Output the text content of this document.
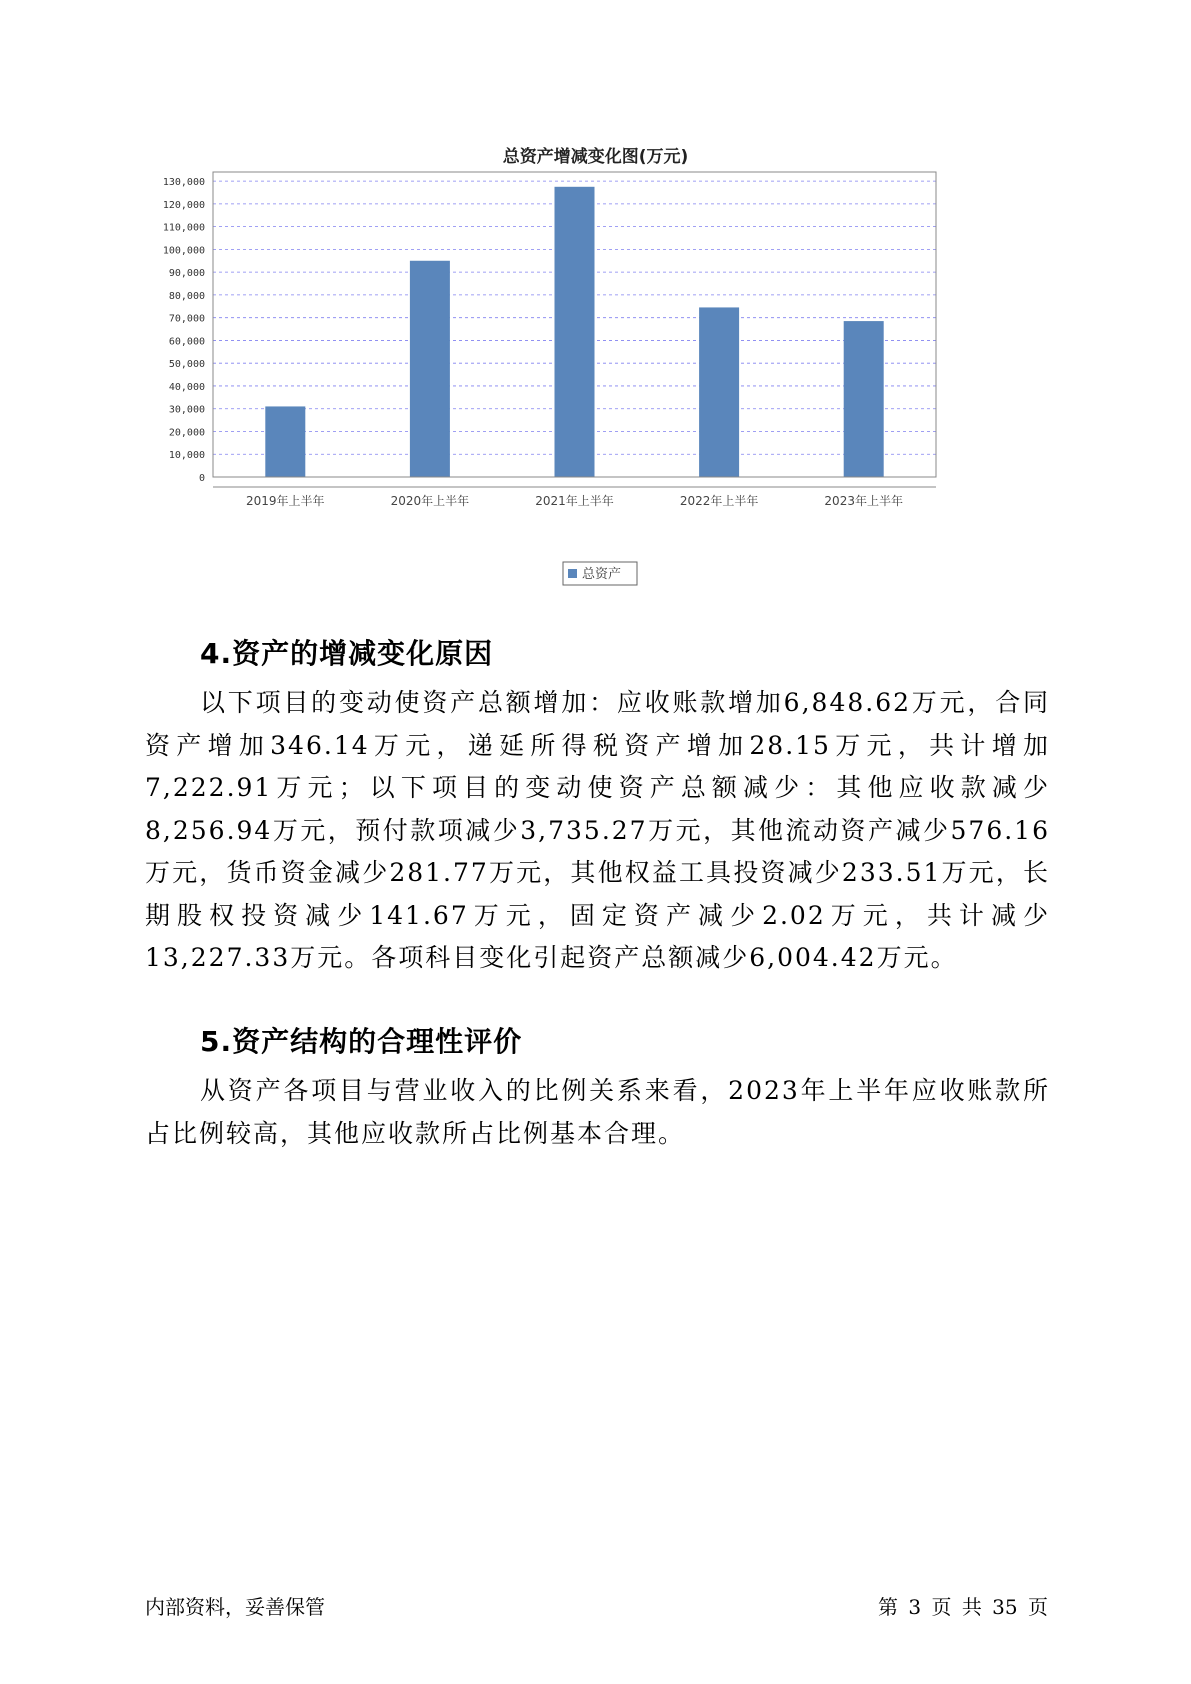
总资产增减变化图(万元)
0
10,000
20,000
30,000
40,000
50,000
60,000
70,000
80,000
90,000
100,000
110,000
120,000
130,000
2019年上半年	2020年上半年	2021年上半年	2022年上半年	2023年上半年
总资产
4.资产的增减变化原因

以下项目的变动使资产总额增加：应收账款增加6,848.62万元，合同资产增加346.14万元，递延所得税资产增加28.15万元，共计增加7,222.91万元；以下项目的变动使资产总额减少：其他应收款减少8,256.94万元，预付款项减少3,735.27万元，其他流动资产减少576.16万元，货币资金减少281.77万元，其他权益工具投资减少233.51万元，长期股权投资减少141.67万元，固定资产减少2.02万元，共计减少13,227.33万元。各项科目变化引起资产总额减少6,004.42万元。

5.资产结构的合理性评价

从资产各项目与营业收入的比例关系来看，2023年上半年应收账款所占比例较高，其他应收款所占比例基本合理。

内部资料，妥善保管	第 3 页 共 35 页
